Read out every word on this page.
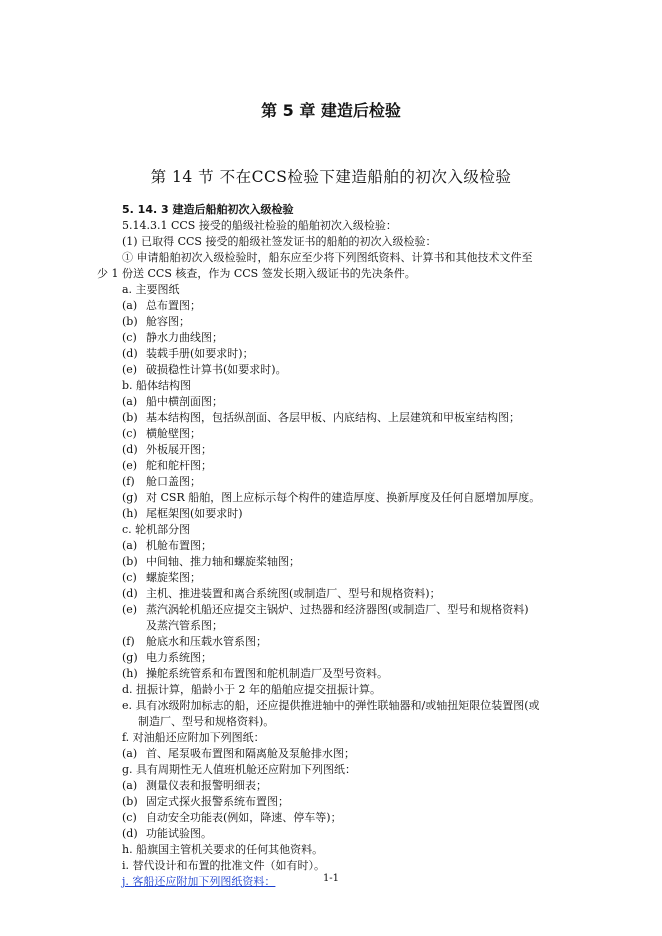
第 5 章 建造后检验
第 14 节 不在CCS检验下建造船舶的初次入级检验
5. 14. 3 建造后船舶初次入级检验
5.14.3.1 CCS 接受的船级社检验的船舶初次入级检验：
(1) 已取得 CCS 接受的船级社签发证书的船舶的初次入级检验：
① 申请船舶初次入级检验时，船东应至少将下列图纸资料、计算书和其他技术文件至
少 1 份送 CCS 核查，作为 CCS 签发长期入级证书的先决条件。
a. 主要图纸
(a) 总布置图；
(b) 舱容图；
(c) 静水力曲线图；
(d) 装载手册(如要求时)；
(e) 破损稳性计算书(如要求时)。
b. 船体结构图
(a) 船中横剖面图；
(b) 基本结构图，包括纵剖面、各层甲板、内底结构、上层建筑和甲板室结构图；
(c) 横舱壁图；
(d) 外板展开图；
(e) 舵和舵杆图；
(f) 舱口盖图；
(g) 对 CSR 船舶，图上应标示每个构件的建造厚度、换新厚度及任何自愿增加厚度。
(h) 尾框架图(如要求时)
c. 轮机部分图
(a) 机舱布置图；
(b) 中间轴、推力轴和螺旋桨轴图；
(c) 螺旋桨图；
(d) 主机、推进装置和离合系统图(或制造厂、型号和规格资料)；
(e) 蒸汽涡轮机船还应提交主锅炉、过热器和经济器图(或制造厂、型号和规格资料)
及蒸汽管系图；
(f) 舱底水和压载水管系图；
(g) 电力系统图；
(h) 操舵系统管系和布置图和舵机制造厂及型号资料。
d. 扭振计算，船龄小于 2 年的船舶应提交扭振计算。
e. 具有冰级附加标志的船，还应提供推进轴中的弹性联轴器和/或轴扭矩限位装置图(或
制造厂、型号和规格资料)。
f. 对油船还应附加下列图纸：
(a) 首、尾泵吸布置图和隔离舱及泵舱排水图；
g. 具有周期性无人值班机舱还应附加下列图纸：
(a) 测量仪表和报警明细表；
(b) 固定式探火报警系统布置图；
(c) 自动安全功能表(例如，降速、停车等)；
(d) 功能试验图。
h. 船旗国主管机关要求的任何其他资料。
i. 替代设计和布置的批准文件（如有时）。
j. 客船还应附加下列图纸资料：	1-1
